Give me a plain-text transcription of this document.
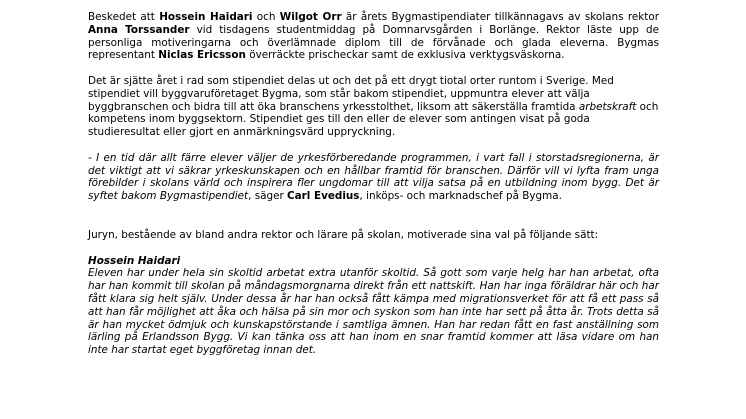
Beskedet att Hossein Haidari och Wilgot Orr är årets Bygmastipendiater tillkännagavs av skolans rektor Anna Torssander vid tisdagens studentmiddag på Domnarvsgården i Borlänge. Rektor läste upp de personliga motiveringarna och överlämnade diplom till de förvånade och glada eleverna. Bygmas representant Niclas Ericsson överräckte prischeckar samt de exklusiva verktygsväskorna.

Det är sjätte året i rad som stipendiet delas ut och det på ett drygt tiotal orter runtom i Sverige. Med stipendiet vill byggvaruföretaget Bygma, som står bakom stipendiet, uppmuntra elever att välja byggbranschen och bidra till att öka branschens yrkesstolthet, liksom att säkerställa framtida arbetskraft och kompetens inom byggsektorn. Stipendiet ges till den eller de elever som antingen visat på goda studieresultat eller gjort en anmärkningsvärd uppryckning.

- I en tid där allt färre elever väljer de yrkesförberedande programmen, i vart fall i storstadsregionerna, är det viktigt att vi säkrar yrkeskunskapen och en hållbar framtid för branschen. Därför vill vi lyfta fram unga förebilder i skolans värld och inspirera fler ungdomar till att vilja satsa på en utbildning inom bygg. Det är syftet bakom Bygmastipendiet, säger Carl Evedius, inköps- och marknadschef på Bygma.

Juryn, bestående av bland andra rektor och lärare på skolan, motiverade sina val på följande sätt:

Hossein Haidari

Eleven har under hela sin skoltid arbetat extra utanför skoltid. Så gott som varje helg har han arbetat, ofta har han kommit till skolan på måndagsmorgnarna direkt från ett nattskift. Han har inga föräldrar här och har fått klara sig helt själv. Under dessa år har han också fått kämpa med migrationsverket för att få ett pass så att han får möjlighet att åka och hälsa på sin mor och syskon som han inte har sett på åtta år. Trots detta så är han mycket ödmjuk och kunskapstörstande i samtliga ämnen. Han har redan fått en fast anställning som lärling på Erlandsson Bygg. Vi kan tänka oss att han inom en snar framtid kommer att läsa vidare om han inte har startat eget byggföretag innan det.
